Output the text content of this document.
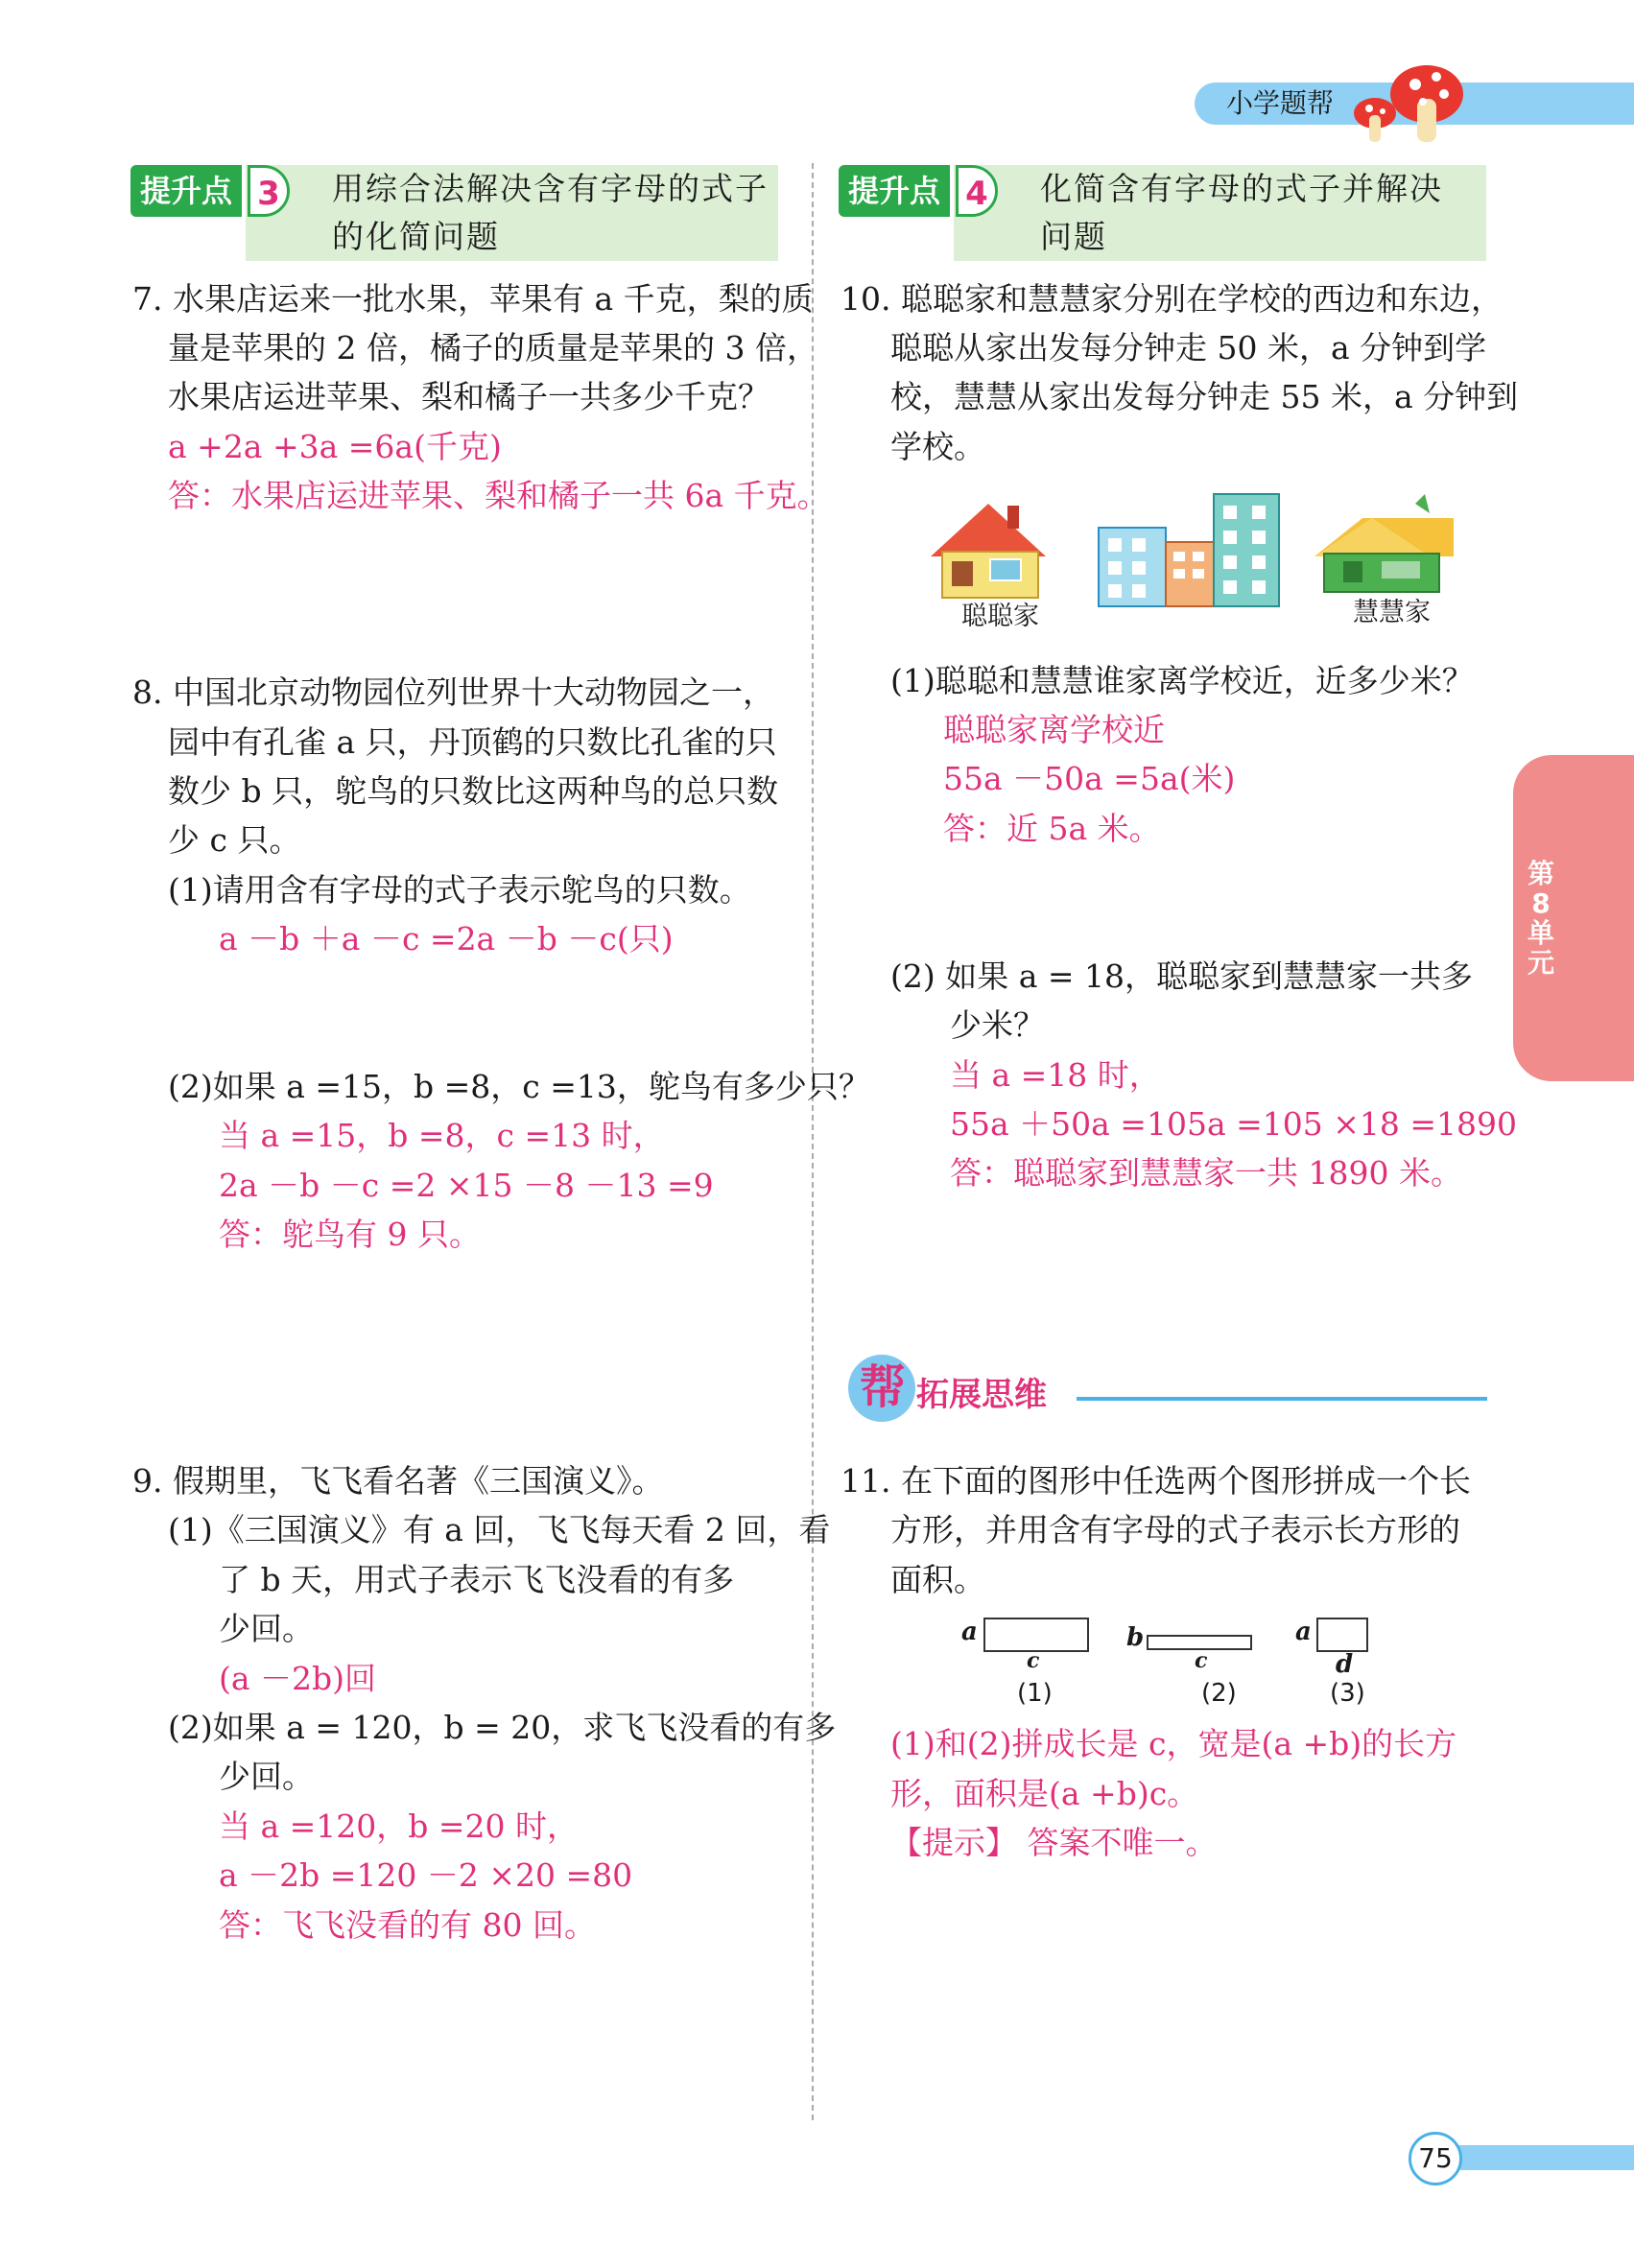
小学题帮
第
8
单
元
提升点 3	用综合法解决含有字母的式子
的化简问题
提升点 4	化简含有字母的式子并解决
问题
7. 水果店运来一批水果，苹果有 a 千克，梨的质
量是苹果的 2 倍，橘子的质量是苹果的 3 倍，
水果店运进苹果、梨和橘子一共多少千克？
a +2a +3a =6a(千克)
答：水果店运进苹果、梨和橘子一共 6a 千克。
8. 中国北京动物园位列世界十大动物园之一，
园中有孔雀 a 只，丹顶鹤的只数比孔雀的只
数少 b 只，鸵鸟的只数比这两种鸟的总只数
少 c 只。
(1)请用含有字母的式子表示鸵鸟的只数。
a －b ＋a －c =2a －b －c(只)
(2)如果 a =15，b =8，c =13，鸵鸟有多少只？
当 a =15，b =8，c =13 时，
2a －b －c =2 ×15 －8 －13 =9
答：鸵鸟有 9 只。
9. 假期里，飞飞看名著《三国演义》。
(1)《三国演义》有 a 回，飞飞每天看 2 回，看
了 b 天，用式子表示飞飞没看的有多
少回。
(a －2b)回
(2)如果 a = 120，b = 20，求飞飞没看的有多
少回。
当 a =120，b =20 时，
a －2b =120 －2 ×20 =80
答：飞飞没看的有 80 回。
10. 聪聪家和慧慧家分别在学校的西边和东边，
聪聪从家出发每分钟走 50 米，a 分钟到学
校，慧慧从家出发每分钟走 55 米，a 分钟到
学校。
聪聪家	慧慧家
(1)聪聪和慧慧谁家离学校近，近多少米？
聪聪家离学校近
55a －50a =5a(米)
答：近 5a 米。
(2) 如果 a = 18，聪聪家到慧慧家一共多
少米？
当 a =18 时，
55a ＋50a =105a =105 ×18 =1890
答：聪聪家到慧慧家一共 1890 米。
帮 拓展思维
11. 在下面的图形中任选两个图形拼成一个长
方形，并用含有字母的式子表示长方形的
面积。
a
c
(1)
b
c
(2)
a
d
(3)
(1)和(2)拼成长是 c，宽是(a +b)的长方
形，面积是(a +b)c。
【提示】 答案不唯一。
75
